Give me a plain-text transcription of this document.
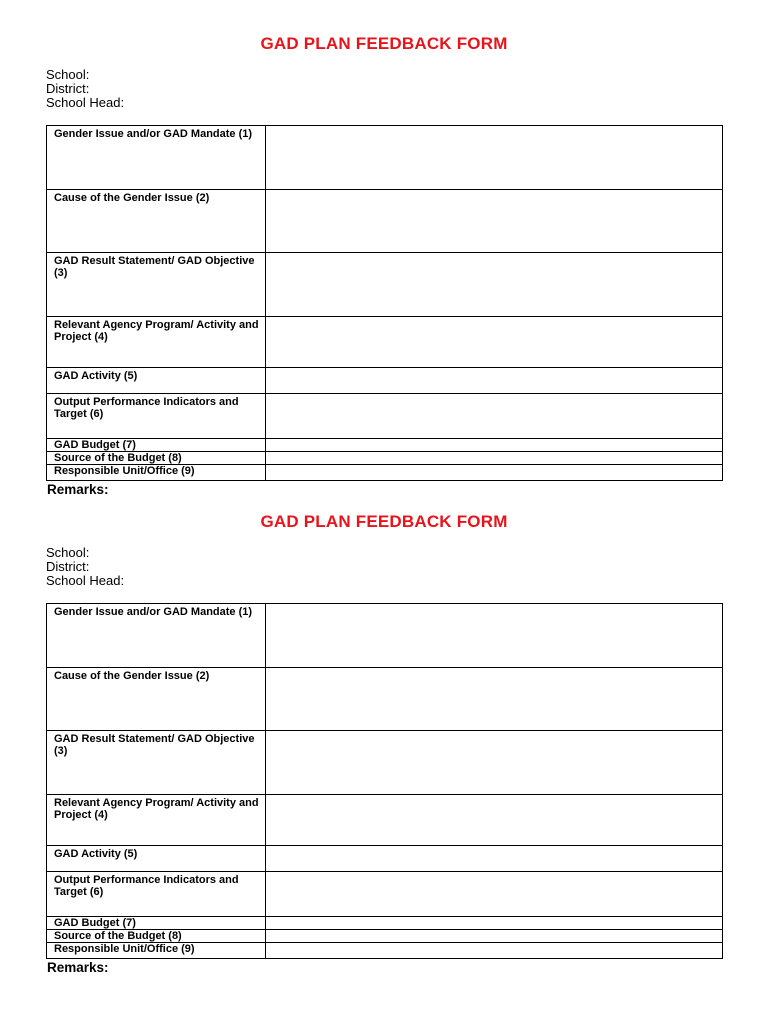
GAD PLAN FEEDBACK FORM
School:
District:
School Head:
Gender Issue and/or GAD Mandate (1)	
Cause of the Gender Issue (2)	
GAD Result Statement/ GAD Objective (3)	
Relevant Agency Program/ Activity and Project (4)	
GAD Activity (5)	
Output Performance Indicators and Target (6)	
GAD Budget (7)	
Source of the Budget (8)	
Responsible Unit/Office (9)	
Remarks:
GAD PLAN FEEDBACK FORM
School:
District:
School Head:
Gender Issue and/or GAD Mandate (1)	
Cause of the Gender Issue (2)	
GAD Result Statement/ GAD Objective (3)	
Relevant Agency Program/ Activity and Project (4)	
GAD Activity (5)	
Output Performance Indicators and Target (6)	
GAD Budget (7)	
Source of the Budget (8)	
Responsible Unit/Office (9)	
Remarks:
